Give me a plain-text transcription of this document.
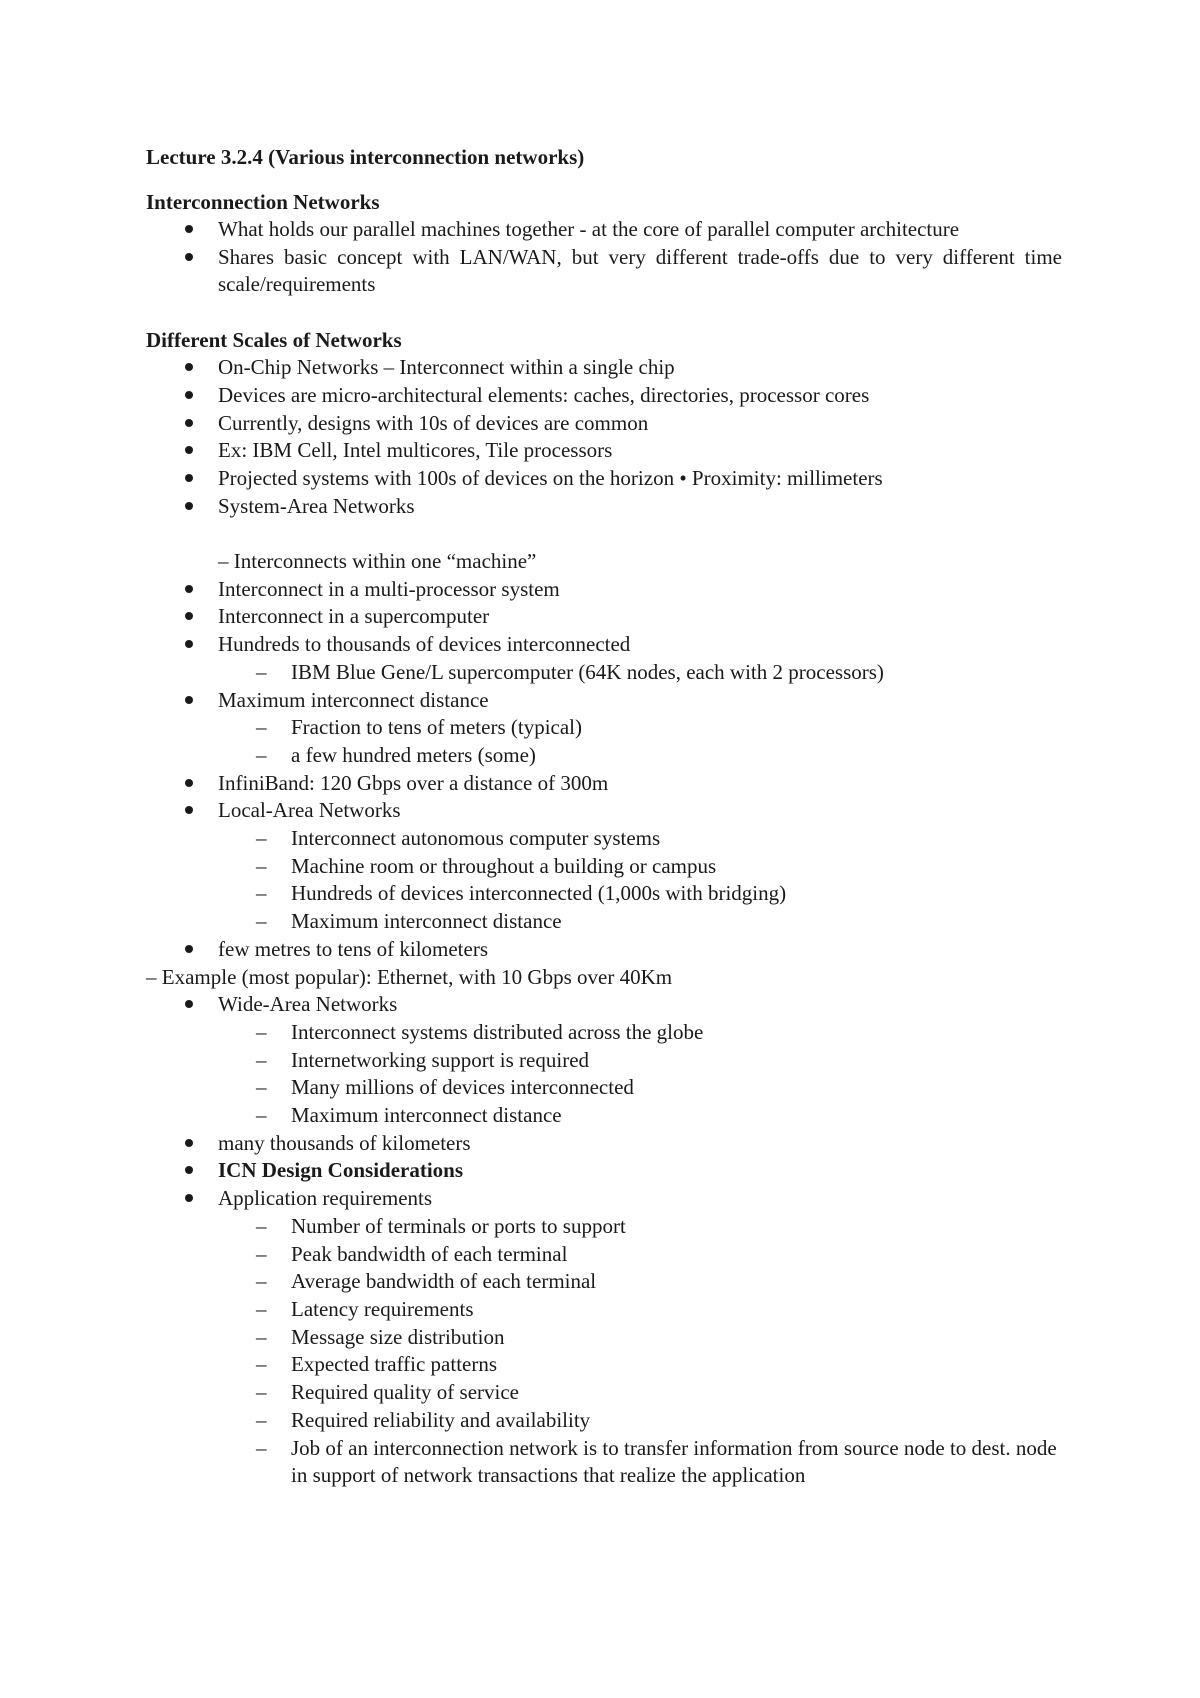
Lecture 3.2.4 (Various interconnection networks)
Interconnection Networks
What holds our parallel machines together - at the core of parallel computer architecture
Shares basic concept with LAN/WAN, but very different trade-offs due to very different time scale/requirements
Different Scales of Networks
On-Chip Networks – Interconnect within a single chip
Devices are micro-architectural elements: caches, directories, processor cores
Currently, designs with 10s of devices are common
Ex: IBM Cell, Intel multicores, Tile processors
Projected systems with 100s of devices on the horizon • Proximity: millimeters
System-Area Networks
– Interconnects within one “machine”
Interconnect in a multi-processor system
Interconnect in a supercomputer
Hundreds to thousands of devices interconnected
– IBM Blue Gene/L supercomputer (64K nodes, each with 2 processors)
Maximum interconnect distance
– Fraction to tens of meters (typical)
– a few hundred meters (some)
InfiniBand: 120 Gbps over a distance of 300m
Local-Area Networks
– Interconnect autonomous computer systems
– Machine room or throughout a building or campus
– Hundreds of devices interconnected (1,000s with bridging)
– Maximum interconnect distance
few metres to tens of kilometers
– Example (most popular): Ethernet, with 10 Gbps over 40Km
Wide-Area Networks
– Interconnect systems distributed across the globe
– Internetworking support is required
– Many millions of devices interconnected
– Maximum interconnect distance
many thousands of kilometers
ICN Design Considerations
Application requirements
– Number of terminals or ports to support
– Peak bandwidth of each terminal
– Average bandwidth of each terminal
– Latency requirements
– Message size distribution
– Expected traffic patterns
– Required quality of service
– Required reliability and availability
– Job of an interconnection network is to transfer information from source node to dest. node in support of network transactions that realize the application
